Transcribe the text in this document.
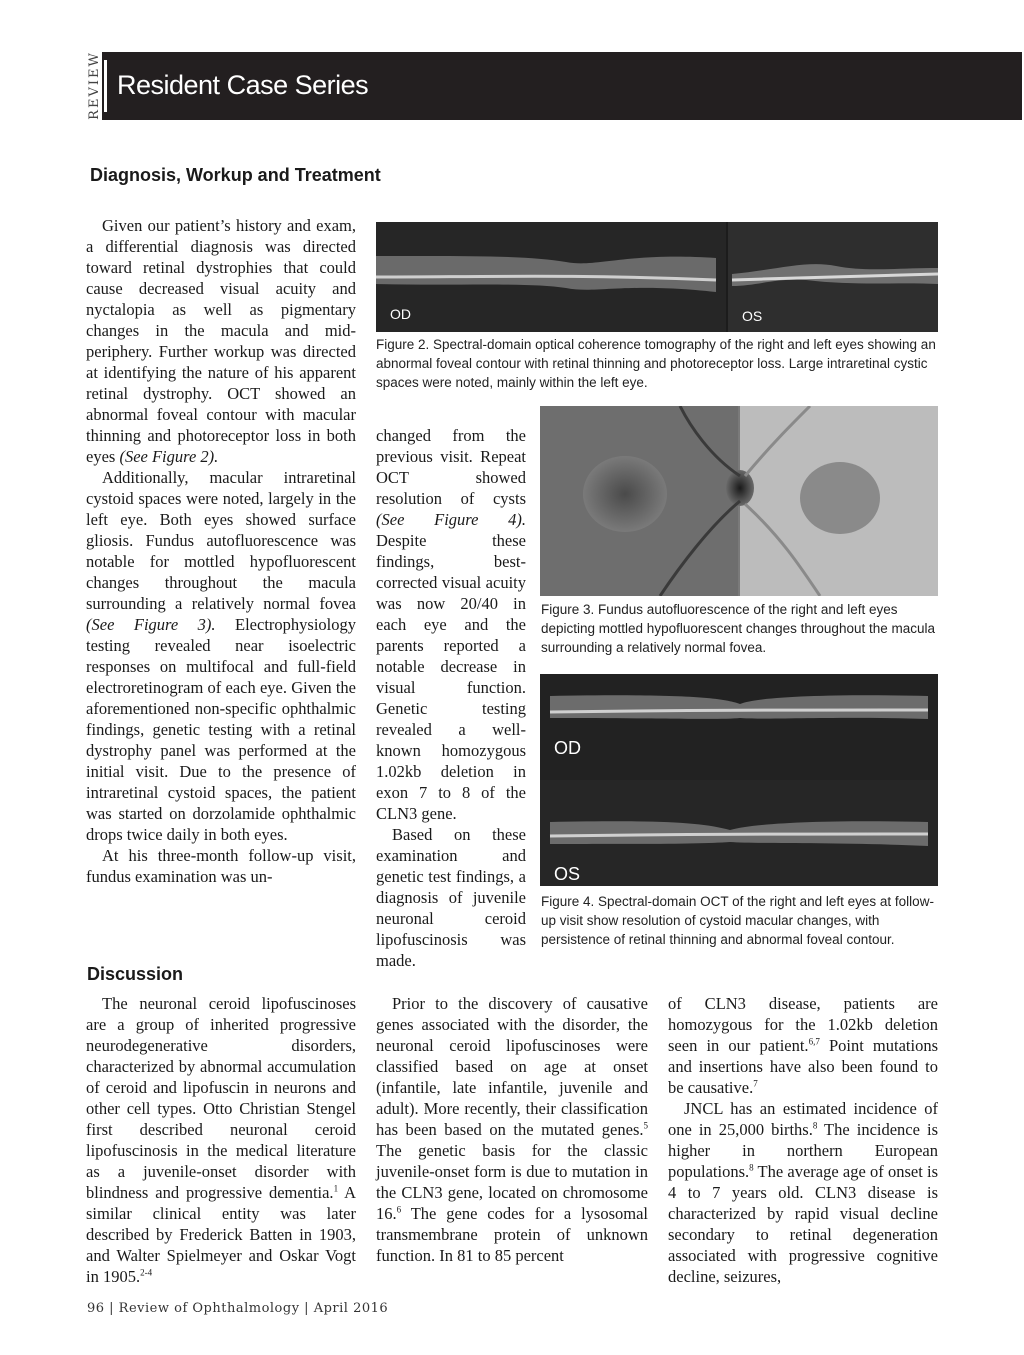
REVIEW Resident Case Series
Diagnosis, Workup and Treatment

Given our patient’s history and exam, a differential diagnosis was directed toward retinal dystrophies that could cause decreased visual acuity and nyctalopia as well as pigmentary changes in the macula and mid-periphery. Further workup was directed at identifying the nature of his apparent retinal dystrophy. OCT showed an abnormal foveal contour with macular thinning and photoreceptor loss in both eyes (See Figure 2).

Additionally, macular intraretinal cystoid spaces were noted, largely in the left eye. Both eyes showed surface gliosis. Fundus autofluorescence was notable for mottled hypofluorescent changes throughout the macula surrounding a relatively normal fovea (See Figure 3). Electrophysiology testing revealed near isoelectric responses on multifocal and full-field electroretinogram of each eye. Given the aforementioned non-specific ophthalmic findings, genetic testing with a retinal dystrophy panel was performed at the initial visit. Due to the presence of intraretinal cystoid spaces, the patient was started on dorzolamide ophthalmic drops twice daily in both eyes.

At his three-month follow-up visit, fundus examination was un-

OD	OS
Figure 2. Spectral-domain optical coherence tomography of the right and left eyes showing an abnormal foveal contour with retinal thinning and photoreceptor loss. Large intraretinal cystic spaces were noted, mainly within the left eye.

changed from the previous visit. Repeat OCT showed resolution of cysts (See Figure 4). Despite these findings, best-corrected visual acuity was now 20/40 in each eye and the parents reported a notable decrease in visual function. Genetic testing revealed a well-known homozygous 1.02kb deletion in exon 7 to 8 of the CLN3 gene.

Based on these examination and genetic test findings, a diagnosis of juvenile neuronal ceroid lipofuscinosis was made.

Figure 3. Fundus autofluorescence of the right and left eyes depicting mottled hypofluorescent changes throughout the macula surrounding a relatively normal fovea.
OD
OS
Figure 4. Spectral-domain OCT of the right and left eyes at follow-up visit show resolution of cystoid macular changes, with persistence of retinal thinning and abnormal foveal contour.
Discussion

The neuronal ceroid lipofuscinoses are a group of inherited progressive neurodegenerative disorders, characterized by abnormal accumulation of ceroid and lipofuscin in neurons and other cell types. Otto Christian Stengel first described neuronal ceroid lipofuscinosis in the medical literature as a juvenile-onset disorder with blindness and progressive dementia.$^1$ A similar clinical entity was later described by Frederick Batten in 1903, and Walter Spielmeyer and Oskar Vogt in 1905.$^{2-4}$

Prior to the discovery of causative genes associated with the disorder, the neuronal ceroid lipofuscinoses were classified based on age at onset (infantile, late infantile, juvenile and adult). More recently, their classification has been based on the mutated genes.$^5$ The genetic basis for the classic juvenile-onset form is due to mutation in the CLN3 gene, located on chromosome 16.$^6$ The gene codes for a lysosomal transmembrane protein of unknown function. In 81 to 85 percent

of CLN3 disease, patients are homozygous for the 1.02kb deletion seen in our patient.$^{6,7}$ Point mutations and insertions have also been found to be causative.$^7$

JNCL has an estimated incidence of one in 25,000 births.$^8$ The incidence is higher in northern European populations.$^8$ The average age of onset is 4 to 7 years old. CLN3 disease is characterized by rapid visual decline secondary to retinal degeneration associated with progressive cognitive decline, seizures,

96 | Review of Ophthalmology | April 2016
